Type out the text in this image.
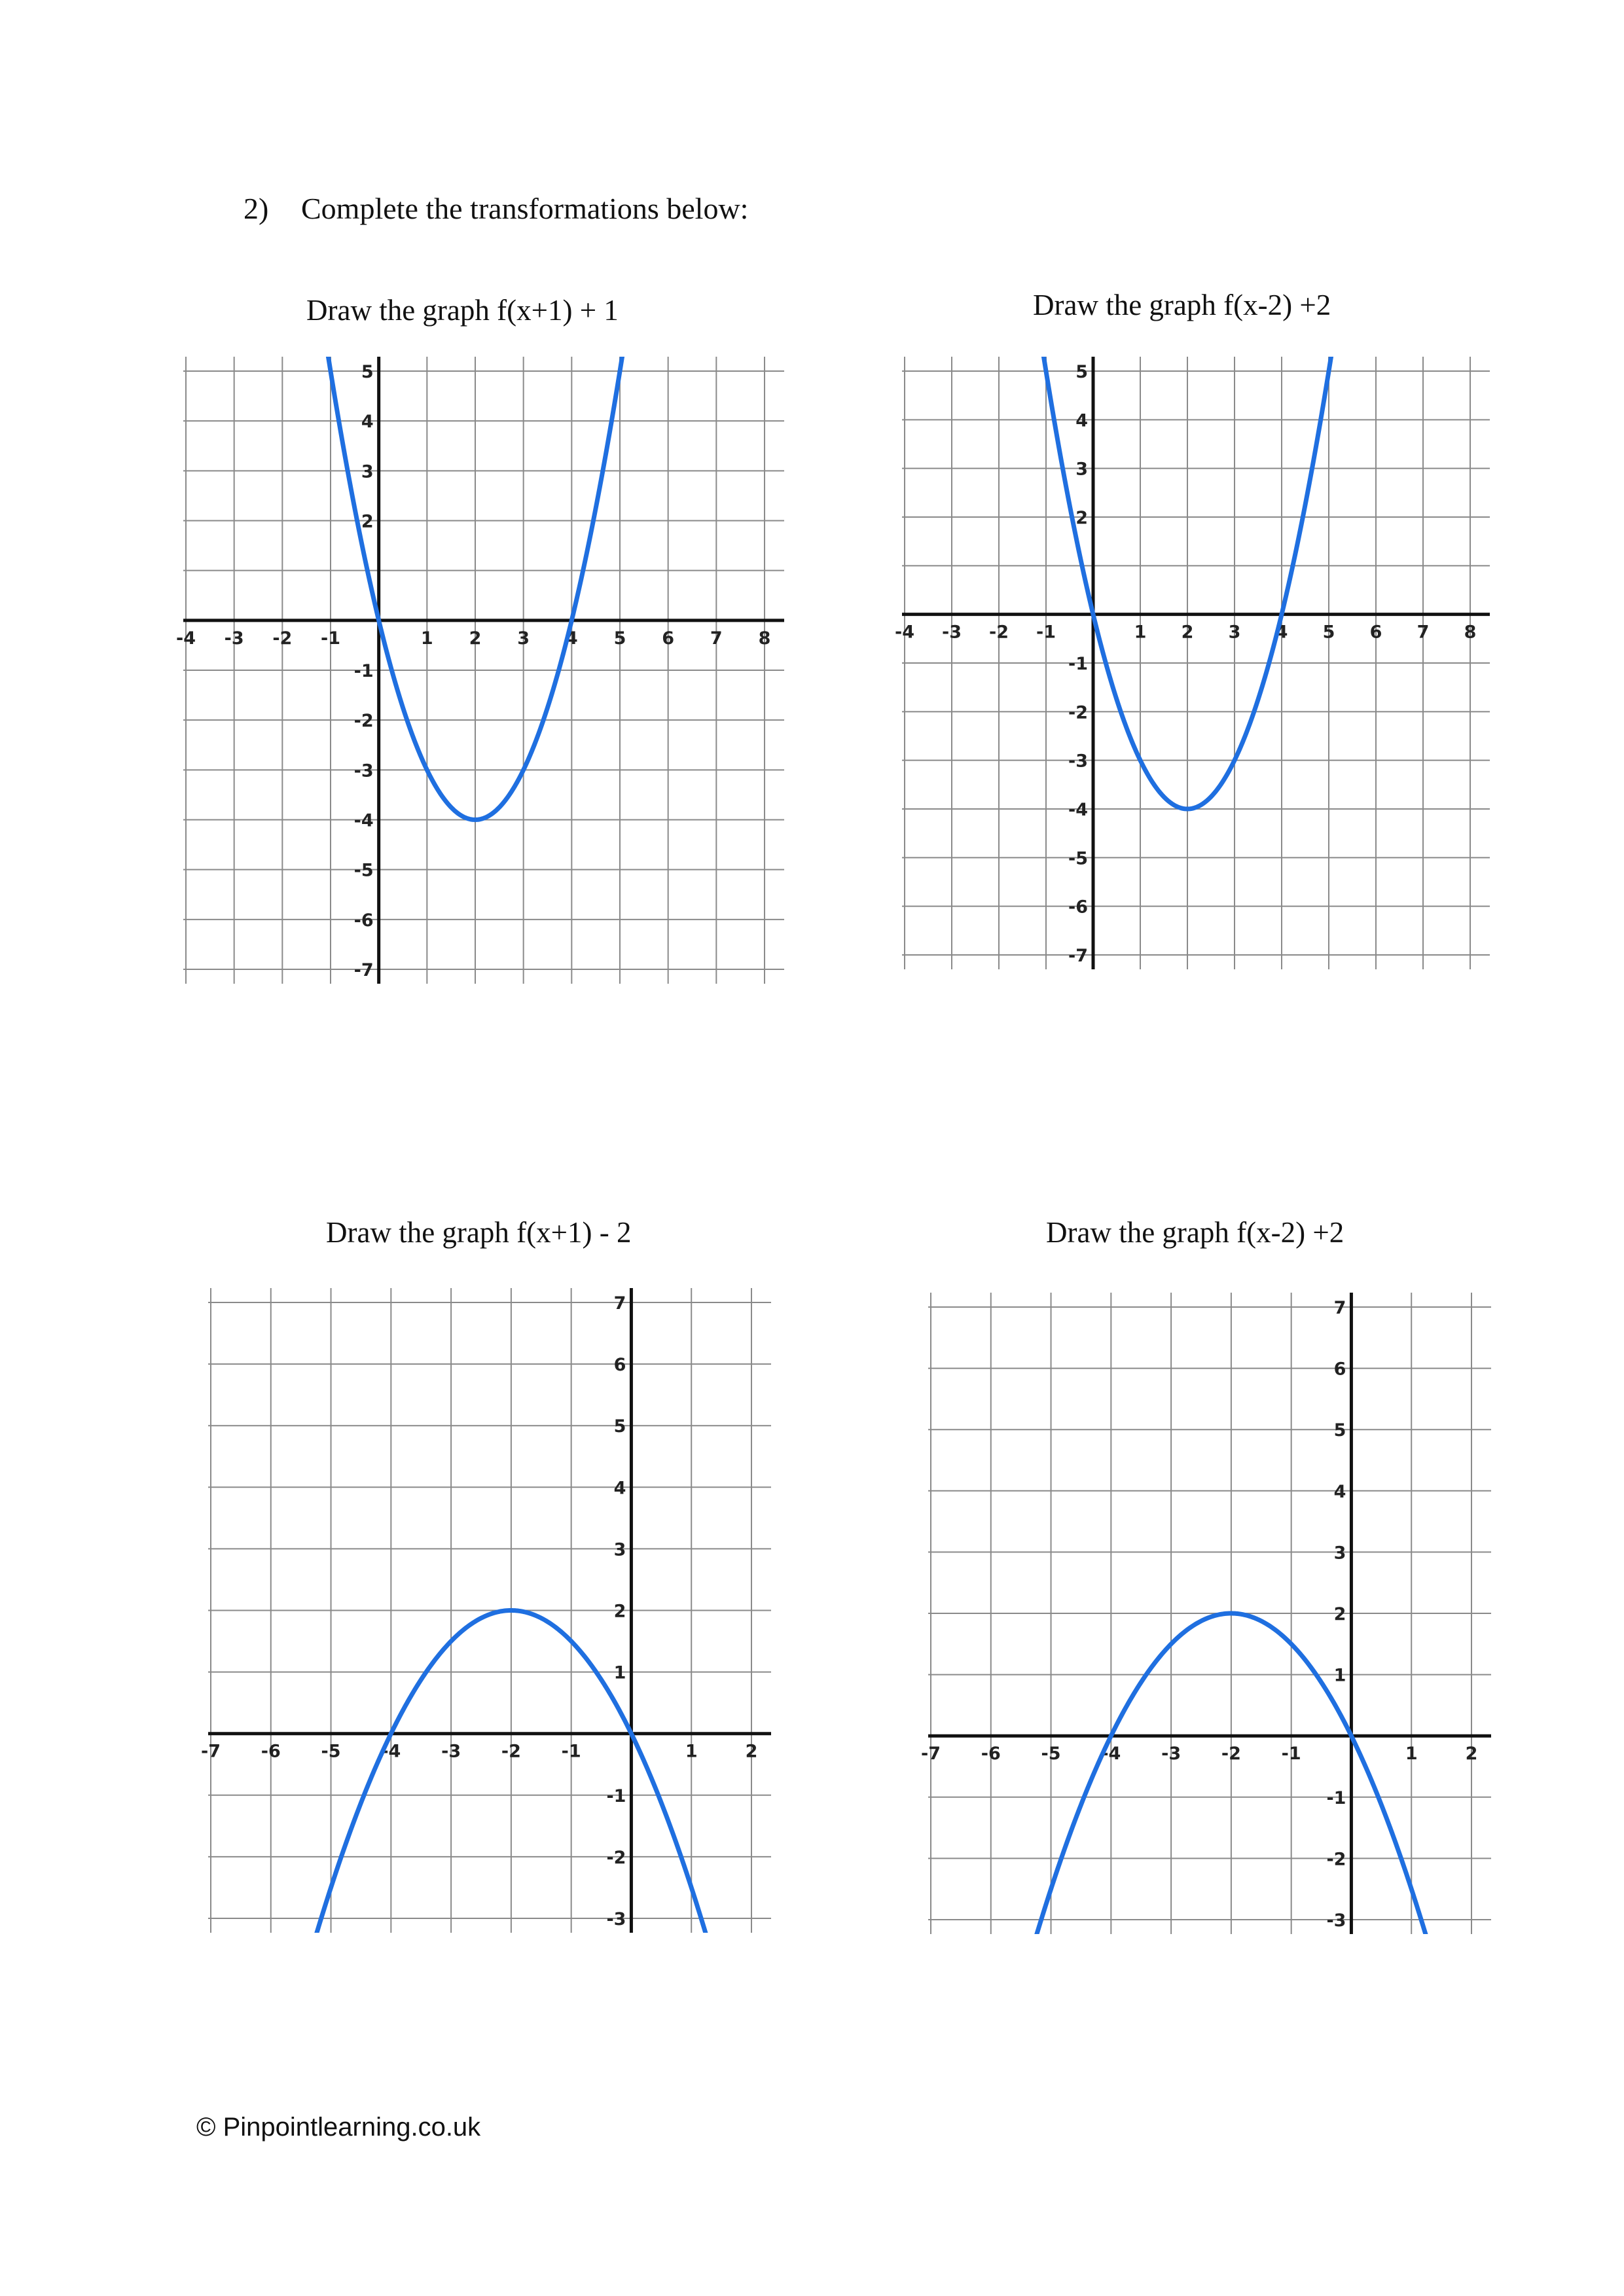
2) Complete the transformations below:
Draw the graph f(x+1) + 1
-4 -3 -2 -1	1 2 3 4 5 6 7 8
5
4
3
2
-1
-2
-3
-4
-5
-6
-7
Draw the graph f(x-2) +2
-4 -3 -2 -1	1 2 3 4 5 6 7 8
5
4
3
2
-1
-2
-3
-4
-5
-6
-7
Draw the graph f(x+1) - 2
-7 -6 -5 -4 -3 -2 -1	1	2
7
6
5
4
3
2
1
-1
-2
-3
Draw the graph f(x-2) +2
-7 -6 -5 -4 -3 -2 -1	1	2
7
6
5
4
3
2
1
-1
-2
-3
© Pinpointlearning.co.uk
